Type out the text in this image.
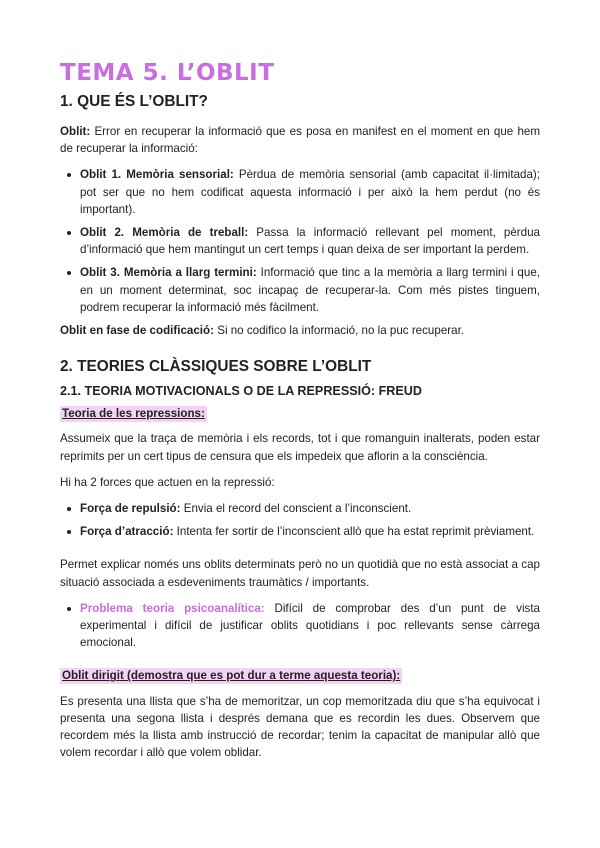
TEMA 5. L’OBLIT
1. QUE ÉS L’OBLIT?

Oblit: Error en recuperar la informació que es posa en manifest en el moment en que hem de recuperar la informació:

Oblit 1. Memòria sensorial: Pèrdua de memòria sensorial (amb capacitat il·limitada); pot ser que no hem codificat aquesta informació i per això la hem perdut (no és important).
Oblit 2. Memòria de treball: Passa la informació rellevant pel moment, pèrdua d’informació que hem mantingut un cert temps i quan deixa de ser important la perdem.
Oblit 3. Memòria a llarg termini: Informació que tinc a la memòria a llarg termini i que, en un moment determinat, soc incapaç de recuperar-la. Com més pistes tinguem, podrem recuperar la informació més fàcilment.

Oblit en fase de codificació: Si no codifico la informació, no la puc recuperar.

2. TEORIES CLÀSSIQUES SOBRE L’OBLIT
2.1. TEORIA MOTIVACIONALS O DE LA REPRESSIÓ: FREUD

Teoria de les repressions:

Assumeix que la traça de memòria i els records, tot i que romanguin inalterats, poden estar reprimits per un cert tipus de censura que els impedeix que aflorin a la consciència.

Hi ha 2 forces que actuen en la repressió:

Força de repulsió: Envia el record del conscient a l’inconscient.
Força d’atracció: Intenta fer sortir de l’inconscient allò que ha estat reprimit prèviament.

Permet explicar només uns oblits determinats però no un quotidià que no està associat a cap situació associada a esdeveniments traumàtics / importants.

Problema teoria psicoanalítica: Difícil de comprobar des d’un punt de vista experimental i difícil de justificar oblits quotidians i poc rellevants sense càrrega emocional.

Oblit dirigit (demostra que es pot dur a terme aquesta teoria):

Es presenta una llista que s’ha de memoritzar, un cop memoritzada diu que s’ha equivocat i presenta una segona llista i després demana que es recordin les dues. Observem que recordem més la llista amb instrucció de recordar; tenim la capacitat de manipular allò que volem recordar i allò que volem oblidar.
